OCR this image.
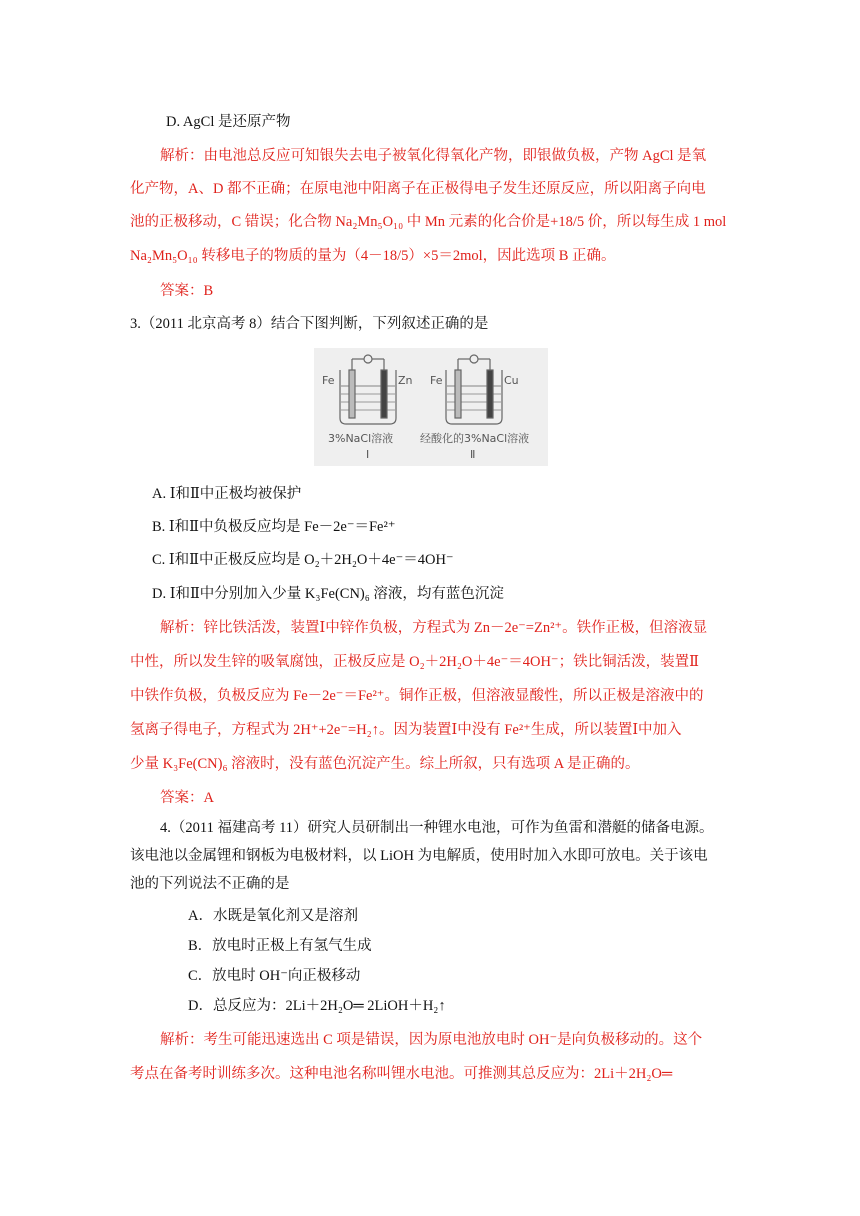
D. AgCl 是还原产物
解析：由电池总反应可知银失去电子被氧化得氧化产物，即银做负极，产物 AgCl 是氧
化产物，A、D 都不正确；在原电池中阳离子在正极得电子发生还原反应，所以阳离子向电
池的正极移动，C 错误；化合物 Na₂Mn₅O₁₀ 中 Mn 元素的化合价是+18/5 价，所以每生成 1 mol
Na₂Mn₅O₁₀ 转移电子的物质的量为（4－18/5）×5＝2mol，因此选项 B 正确。
答案：B
3.（2011 北京高考 8）结合下图判断，下列叙述正确的是
Fe	Zn
3%NaCl溶液
Ⅰ
Fe	Cu
经酸化的3%NaCl溶液
Ⅱ
A. Ⅰ和Ⅱ中正极均被保护
B. Ⅰ和Ⅱ中负极反应均是 Fe－2e⁻＝Fe²⁺
C. Ⅰ和Ⅱ中正极反应均是 O₂＋2H₂O＋4e⁻＝4OH⁻
D. Ⅰ和Ⅱ中分别加入少量 K₃Fe(CN)₆ 溶液，均有蓝色沉淀
解析：锌比铁活泼，装置Ⅰ中锌作负极，方程式为 Zn－2e⁻=Zn²⁺。铁作正极，但溶液显
中性，所以发生锌的吸氧腐蚀，正极反应是 O₂＋2H₂O＋4e⁻＝4OH⁻；铁比铜活泼，装置Ⅱ
中铁作负极，负极反应为 Fe－2e⁻＝Fe²⁺。铜作正极，但溶液显酸性，所以正极是溶液中的
氢离子得电子，方程式为 2H⁺+2e⁻=H₂↑。因为装置Ⅰ中没有 Fe²⁺生成，所以装置Ⅰ中加入
少量 K₃Fe(CN)₆ 溶液时，没有蓝色沉淀产生。综上所叙，只有选项 A 是正确的。
答案：A
4.（2011 福建高考 11）研究人员研制出一种锂水电池，可作为鱼雷和潜艇的储备电源。
该电池以金属锂和钢板为电极材料，以 LiOH 为电解质，使用时加入水即可放电。关于该电
池的下列说法不正确的是
A．水既是氧化剂又是溶剂
B．放电时正极上有氢气生成
C．放电时 OH⁻向正极移动
D．总反应为：2Li＋2H₂O═ 2LiOH＋H₂↑
解析：考生可能迅速选出 C 项是错误，因为原电池放电时 OH⁻是向负极移动的。这个
考点在备考时训练多次。这种电池名称叫锂水电池。可推测其总反应为：2Li＋2H₂O═
